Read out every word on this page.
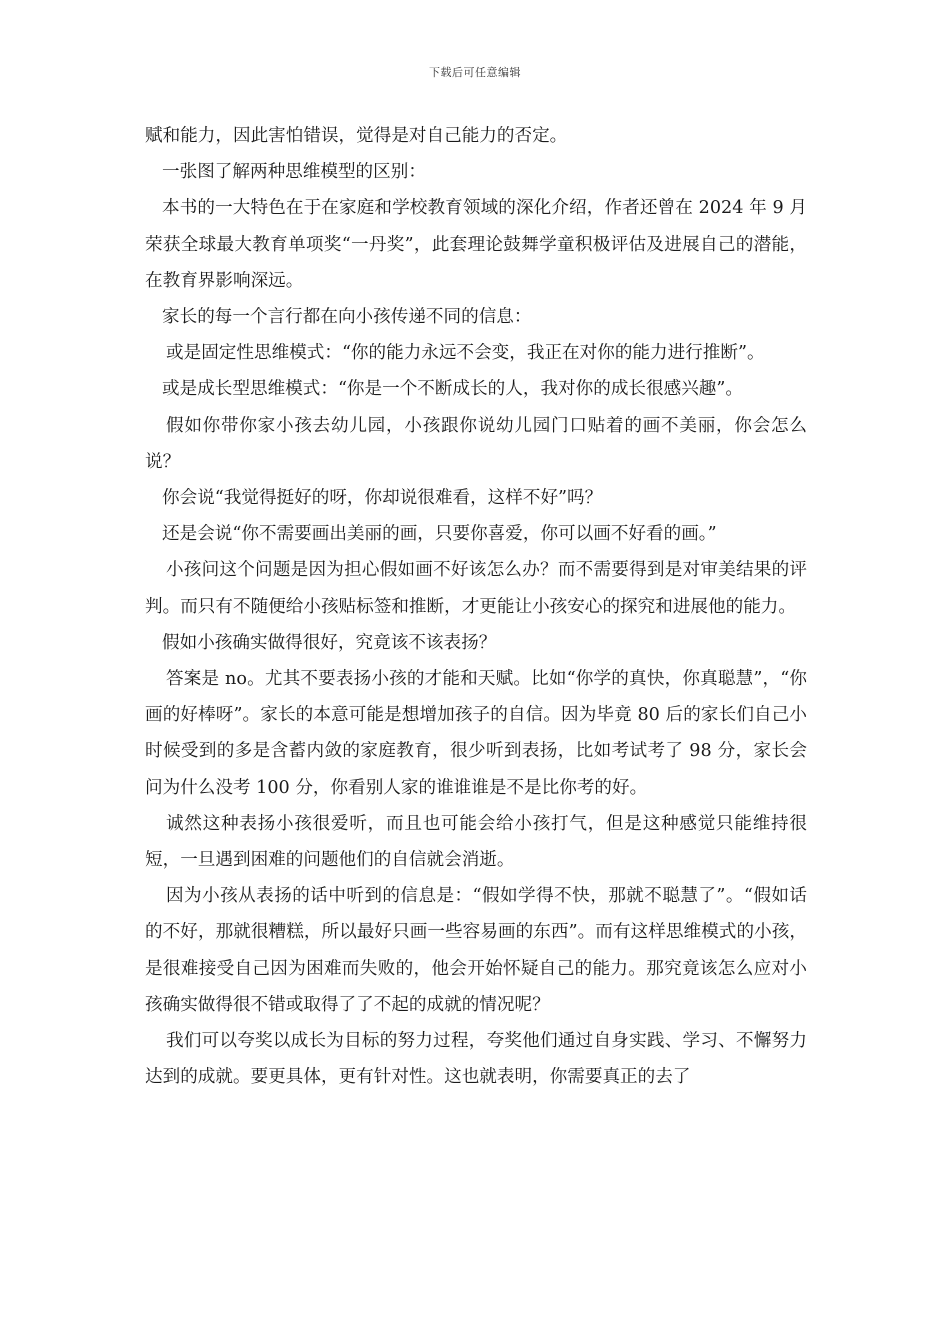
下载后可任意编辑

赋和能力，因此害怕错误，觉得是对自己能力的否定。

一张图了解两种思维模型的区别：

本书的一大特色在于在家庭和学校教育领域的深化介绍，作者还曾在 2024 年 9 月荣获全球最大教育单项奖“一丹奖”，此套理论鼓舞学童积极评估及进展自己的潜能，在教育界影响深远。

家长的每一个言行都在向小孩传递不同的信息：

或是固定性思维模式：“你的能力永远不会变，我正在对你的能力进行推断”。

或是成长型思维模式：“你是一个不断成长的人，我对你的成长很感兴趣”。

假如你带你家小孩去幼儿园，小孩跟你说幼儿园门口贴着的画不美丽，你会怎么说？

你会说“我觉得挺好的呀，你却说很难看，这样不好”吗？

还是会说“你不需要画出美丽的画，只要你喜爱，你可以画不好看的画。”

小孩问这个问题是因为担心假如画不好该怎么办？而不需要得到是对审美结果的评判。而只有不随便给小孩贴标签和推断，才更能让小孩安心的探究和进展他的能力。

假如小孩确实做得很好，究竟该不该表扬？

答案是 no。尤其不要表扬小孩的才能和天赋。比如“你学的真快，你真聪慧”，“你画的好棒呀”。家长的本意可能是想增加孩子的自信。因为毕竟 80 后的家长们自己小时候受到的多是含蓄内敛的家庭教育，很少听到表扬，比如考试考了 98 分，家长会问为什么没考 100 分，你看别人家的谁谁谁是不是比你考的好。

诚然这种表扬小孩很爱听，而且也可能会给小孩打气，但是这种感觉只能维持很短，一旦遇到困难的问题他们的自信就会消逝。

因为小孩从表扬的话中听到的信息是：“假如学得不快，那就不聪慧了”。“假如话的不好，那就很糟糕，所以最好只画一些容易画的东西”。而有这样思维模式的小孩，是很难接受自己因为困难而失败的，他会开始怀疑自己的能力。那究竟该怎么应对小孩确实做得很不错或取得了了不起的成就的情况呢？

我们可以夸奖以成长为目标的努力过程，夸奖他们通过自身实践、学习、不懈努力达到的成就。要更具体，更有针对性。这也就表明，你需要真正的去了
